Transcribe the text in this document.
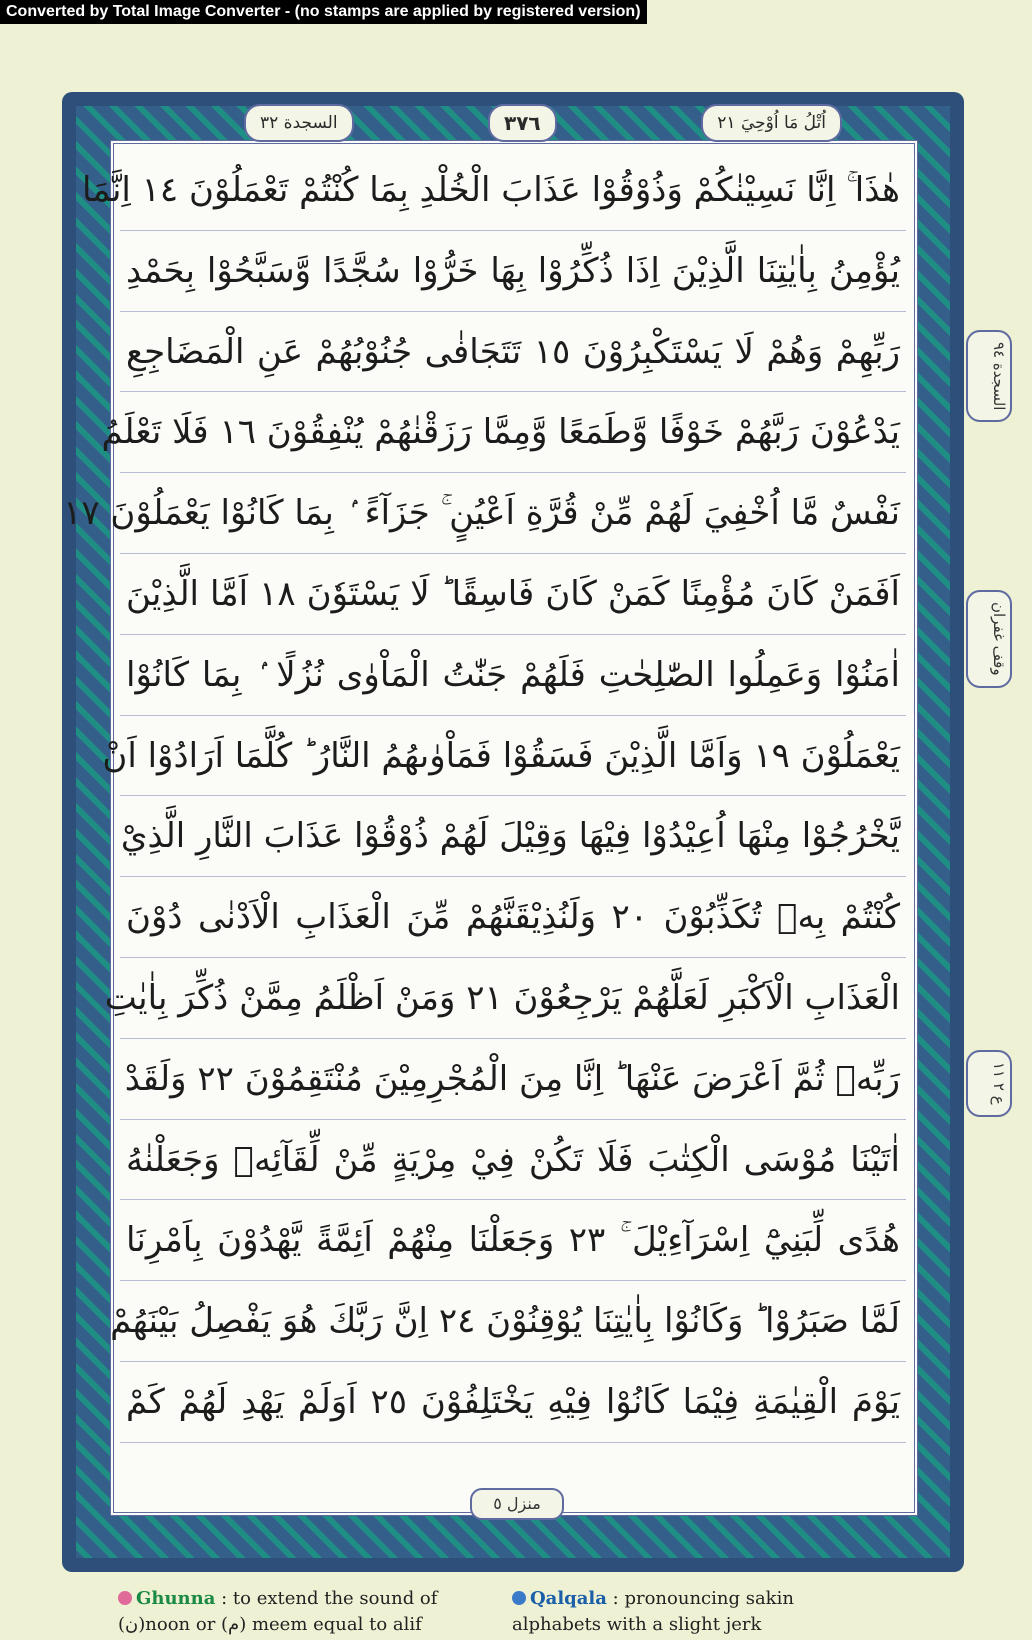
Converted by Total Image Converter - (no stamps are applied by registered version)
السجدة ٣٢	٣٧٦	اُتْلُ مَا اُوْحِيَ ٢١
السجدة ٩٤
وقف غفران
ع ٢ ١١
هٰذَا ۚ اِنَّا نَسِيْنٰكُمْ وَذُوْقُوْا عَذَابَ الْخُلْدِ بِمَا كُنْتُمْ تَعْمَلُوْنَ ١٤ اِنَّمَا
يُؤْمِنُ بِاٰيٰتِنَا الَّذِيْنَ اِذَا ذُكِّرُوْا بِهَا خَرُّوْا سُجَّدًا وَّسَبَّحُوْا بِحَمْدِ
رَبِّهِمْ وَهُمْ لَا يَسْتَكْبِرُوْنَ ١٥ تَتَجَافٰى جُنُوْبُهُمْ عَنِ الْمَضَاجِعِ
يَدْعُوْنَ رَبَّهُمْ خَوْفًا وَّطَمَعًا وَّمِمَّا رَزَقْنٰهُمْ يُنْفِقُوْنَ ١٦ فَلَا تَعْلَمُ
نَفْسٌ مَّا اُخْفِيَ لَهُمْ مِّنْ قُرَّةِ اَعْيُنٍ ۚ جَزَآءً ۢ بِمَا كَانُوْا يَعْمَلُوْنَ ١٧
اَفَمَنْ كَانَ مُؤْمِنًا كَمَنْ كَانَ فَاسِقًا ؕ لَا يَسْتَوٗنَ ١٨ اَمَّا الَّذِيْنَ
اٰمَنُوْا وَعَمِلُوا الصّٰلِحٰتِ فَلَهُمْ جَنّٰتُ الْمَاْوٰى نُزُلًا ۢ بِمَا كَانُوْا
يَعْمَلُوْنَ ١٩ وَاَمَّا الَّذِيْنَ فَسَقُوْا فَمَاْوٰىهُمُ النَّارُ ؕ كُلَّمَا اَرَادُوْا اَنْ
يَّخْرُجُوْا مِنْهَا اُعِيْدُوْا فِيْهَا وَقِيْلَ لَهُمْ ذُوْقُوْا عَذَابَ النَّارِ الَّذِيْ
كُنْتُمْ بِهٖ تُكَذِّبُوْنَ ٢٠ وَلَنُذِيْقَنَّهُمْ مِّنَ الْعَذَابِ الْاَدْنٰى دُوْنَ
الْعَذَابِ الْاَكْبَرِ لَعَلَّهُمْ يَرْجِعُوْنَ ٢١ وَمَنْ اَظْلَمُ مِمَّنْ ذُكِّرَ بِاٰيٰتِ
رَبِّهٖ ثُمَّ اَعْرَضَ عَنْهَا ؕ اِنَّا مِنَ الْمُجْرِمِيْنَ مُنْتَقِمُوْنَ ٢٢ وَلَقَدْ
اٰتَيْنَا مُوْسَى الْكِتٰبَ فَلَا تَكُنْ فِيْ مِرْيَةٍ مِّنْ لِّقَآئِهٖ وَجَعَلْنٰهُ
هُدًى لِّبَنِيْٓ اِسْرَآءِيْلَ ۚ ٢٣ وَجَعَلْنَا مِنْهُمْ اَئِمَّةً يَّهْدُوْنَ بِاَمْرِنَا
لَمَّا صَبَرُوْا ؕ وَكَانُوْا بِاٰيٰتِنَا يُوْقِنُوْنَ ٢٤ اِنَّ رَبَّكَ هُوَ يَفْصِلُ بَيْنَهُمْ
يَوْمَ الْقِيٰمَةِ فِيْمَا كَانُوْا فِيْهِ يَخْتَلِفُوْنَ ٢٥ اَوَلَمْ يَهْدِ لَهُمْ كَمْ
منزل ٥
Ghunna : to extend the sound of
(ن)noon or (م) meem equal to alif
Qalqala : pronouncing sakin
alphabets with a slight jerk
